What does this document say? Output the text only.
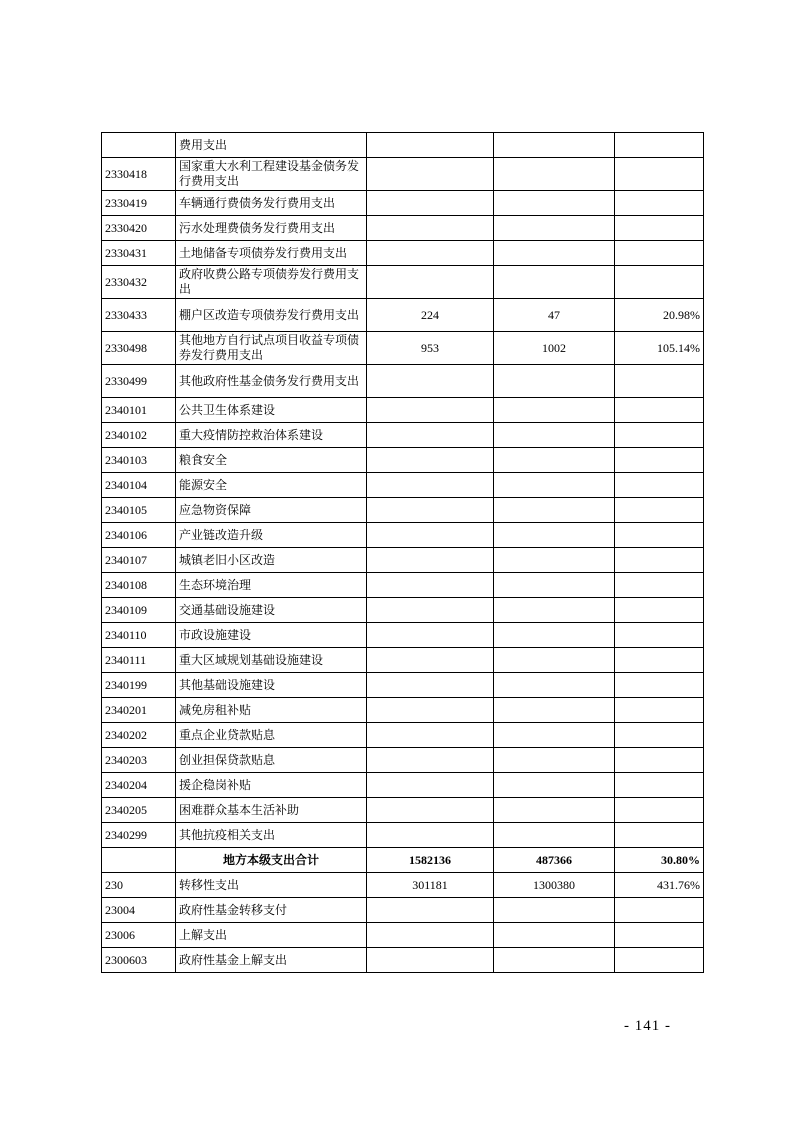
	费用支出			
2330418	国家重大水利工程建设基金债务发行费用支出			
2330419	车辆通行费债务发行费用支出			
2330420	污水处理费债务发行费用支出			
2330431	土地储备专项债券发行费用支出			
2330432	政府收费公路专项债券发行费用支出			
2330433	棚户区改造专项债券发行费用支出	224	47	20.98%
2330498	其他地方自行试点项目收益专项债券发行费用支出	953	1002	105.14%
2330499	其他政府性基金债务发行费用支出			
2340101	公共卫生体系建设			
2340102	重大疫情防控救治体系建设			
2340103	粮食安全			
2340104	能源安全			
2340105	应急物资保障			
2340106	产业链改造升级			
2340107	城镇老旧小区改造			
2340108	生态环境治理			
2340109	交通基础设施建设			
2340110	市政设施建设			
2340111	重大区域规划基础设施建设			
2340199	其他基础设施建设			
2340201	减免房租补贴			
2340202	重点企业贷款贴息			
2340203	创业担保贷款贴息			
2340204	援企稳岗补贴			
2340205	困难群众基本生活补助			
2340299	其他抗疫相关支出			
	地方本级支出合计	1582136	487366	30.80%
230	转移性支出	301181	1300380	431.76%
23004	政府性基金转移支付			
23006	上解支出			
2300603	政府性基金上解支出			
- 141 -
